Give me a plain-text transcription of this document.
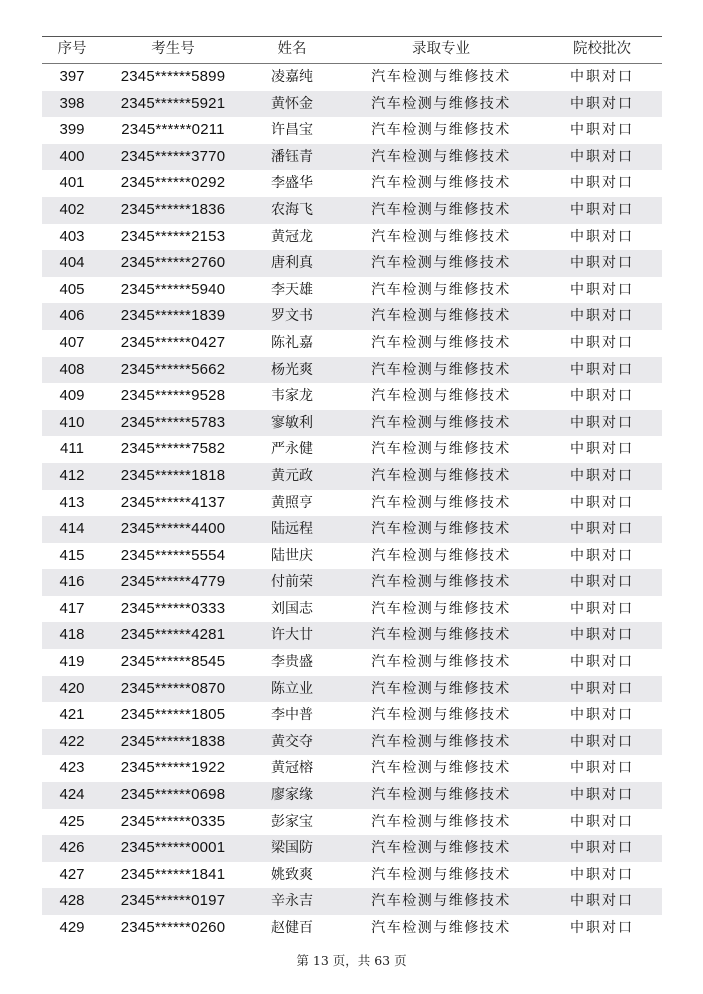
序号	考生号	姓名	录取专业	院校批次
397	2345******5899	凌嘉纯	汽车检测与维修技术	中职对口
398	2345******5921	黄怀金	汽车检测与维修技术	中职对口
399	2345******0211	许昌宝	汽车检测与维修技术	中职对口
400	2345******3770	潘钰青	汽车检测与维修技术	中职对口
401	2345******0292	李盛华	汽车检测与维修技术	中职对口
402	2345******1836	农海飞	汽车检测与维修技术	中职对口
403	2345******2153	黄冠龙	汽车检测与维修技术	中职对口
404	2345******2760	唐利真	汽车检测与维修技术	中职对口
405	2345******5940	李天雄	汽车检测与维修技术	中职对口
406	2345******1839	罗文书	汽车检测与维修技术	中职对口
407	2345******0427	陈礼嘉	汽车检测与维修技术	中职对口
408	2345******5662	杨光爽	汽车检测与维修技术	中职对口
409	2345******9528	韦家龙	汽车检测与维修技术	中职对口
410	2345******5783	寥敏利	汽车检测与维修技术	中职对口
411	2345******7582	严永健	汽车检测与维修技术	中职对口
412	2345******1818	黄元政	汽车检测与维修技术	中职对口
413	2345******4137	黄照亨	汽车检测与维修技术	中职对口
414	2345******4400	陆远程	汽车检测与维修技术	中职对口
415	2345******5554	陆世庆	汽车检测与维修技术	中职对口
416	2345******4779	付前荣	汽车检测与维修技术	中职对口
417	2345******0333	刘国志	汽车检测与维修技术	中职对口
418	2345******4281	许大廿	汽车检测与维修技术	中职对口
419	2345******8545	李贵盛	汽车检测与维修技术	中职对口
420	2345******0870	陈立业	汽车检测与维修技术	中职对口
421	2345******1805	李中普	汽车检测与维修技术	中职对口
422	2345******1838	黄交夺	汽车检测与维修技术	中职对口
423	2345******1922	黄冠榕	汽车检测与维修技术	中职对口
424	2345******0698	廖家缘	汽车检测与维修技术	中职对口
425	2345******0335	彭家宝	汽车检测与维修技术	中职对口
426	2345******0001	梁国防	汽车检测与维修技术	中职对口
427	2345******1841	姚致爽	汽车检测与维修技术	中职对口
428	2345******0197	辛永吉	汽车检测与维修技术	中职对口
429	2345******0260	赵健百	汽车检测与维修技术	中职对口
第 13 页，共 63 页
